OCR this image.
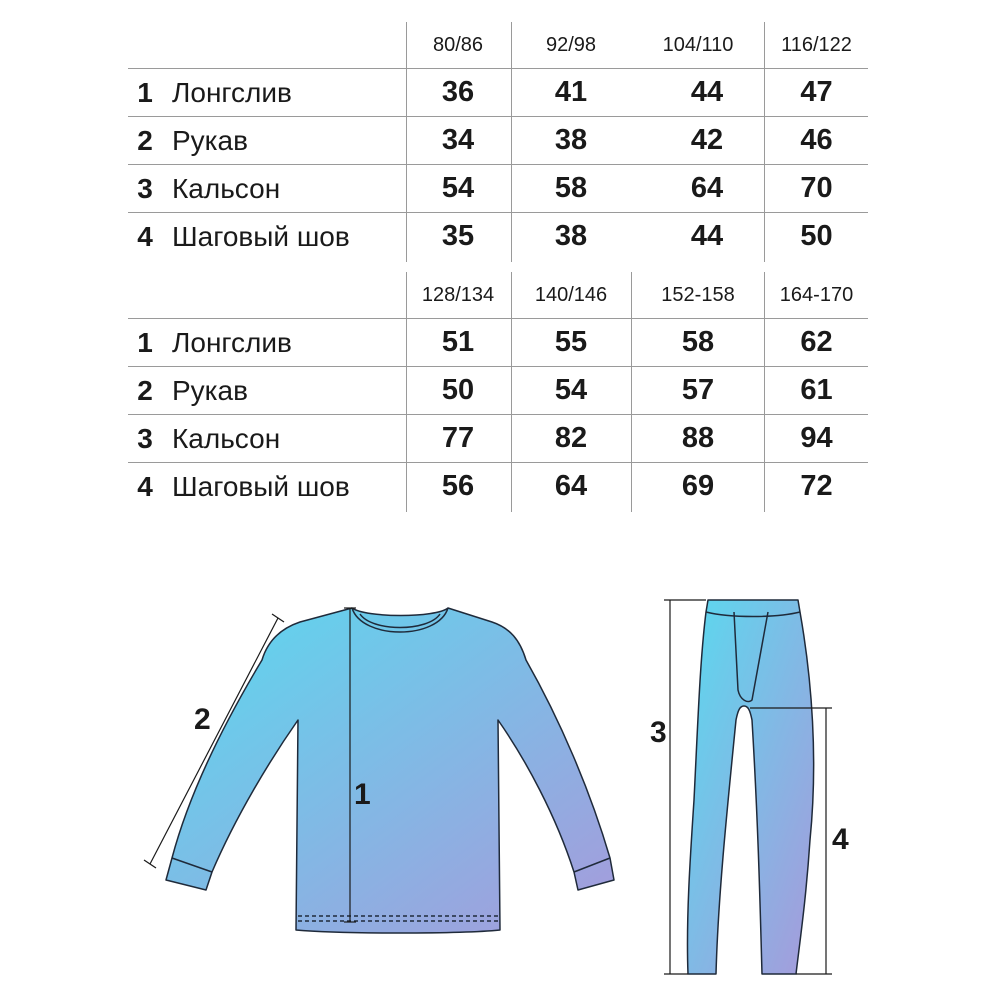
80/86	92/98	104/110	116/122
1 Лонгслив	36	41	44	47
2 Рукав	34	38	42	46
3 Кальсон	54	58	64	70
4 Шаговый шов	35	38	44	50
128/134	140/146	152-158	164-170
1 Лонгслив	51	55	58	62
2 Рукав	50	54	57	61
3 Кальсон	77	82	88	94
4 Шаговый шов	56	64	69	72
2
1
3
4
